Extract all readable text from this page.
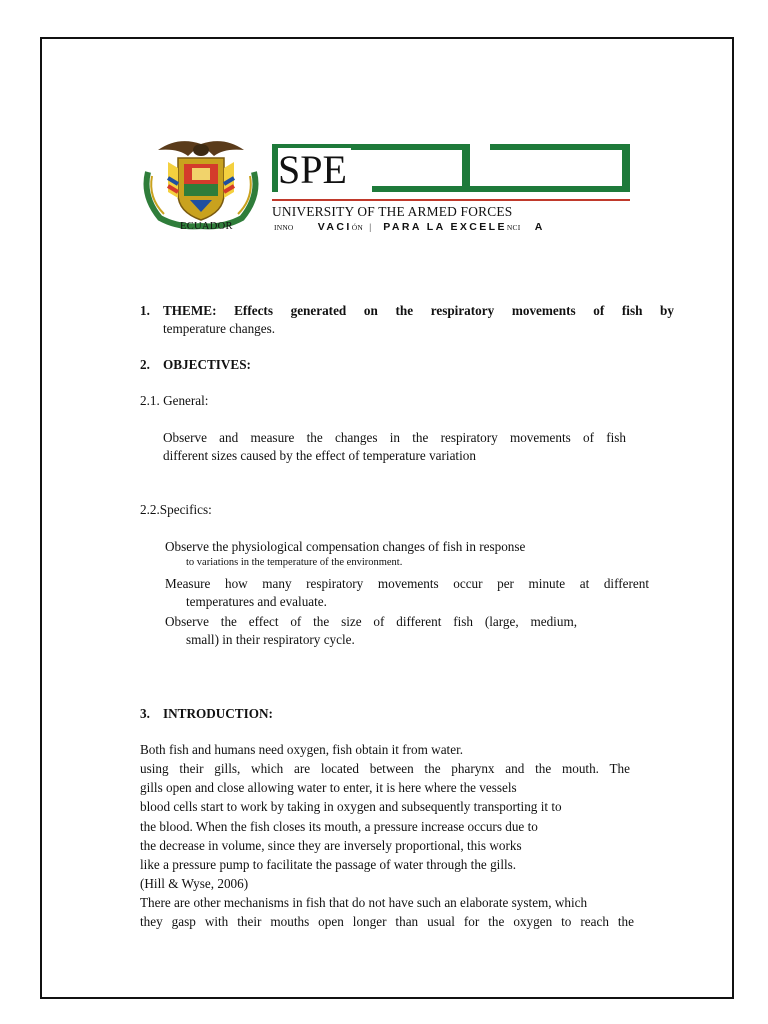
SPE
UNIVERSITY OF THE ARMED FORCES
ECUADOR	INNO VACIÓN | PARA LA EXCELENCI A
1. THEME: Effects generated on the respiratory movements of fish by
temperature changes.
2. OBJECTIVES:
2.1. General:
Observe and measure the changes in the respiratory movements of fish
different sizes caused by the effect of temperature variation
2.2.Specifics:
Observe the physiological compensation changes of fish in response
to variations in the temperature of the environment.
Measure how many respiratory movements occur per minute at different
temperatures and evaluate.
Observe the effect of the size of different fish (large, medium,
small) in their respiratory cycle.
3. INTRODUCTION:
Both fish and humans need oxygen, fish obtain it from water.
using their gills, which are located between the pharynx and the mouth. The
gills open and close allowing water to enter, it is here where the vessels
blood cells start to work by taking in oxygen and subsequently transporting it to
the blood. When the fish closes its mouth, a pressure increase occurs due to
the decrease in volume, since they are inversely proportional, this works
like a pressure pump to facilitate the passage of water through the gills.
(Hill & Wyse, 2006)
There are other mechanisms in fish that do not have such an elaborate system, which
they gasp with their mouths open longer than usual for the oxygen to reach the
